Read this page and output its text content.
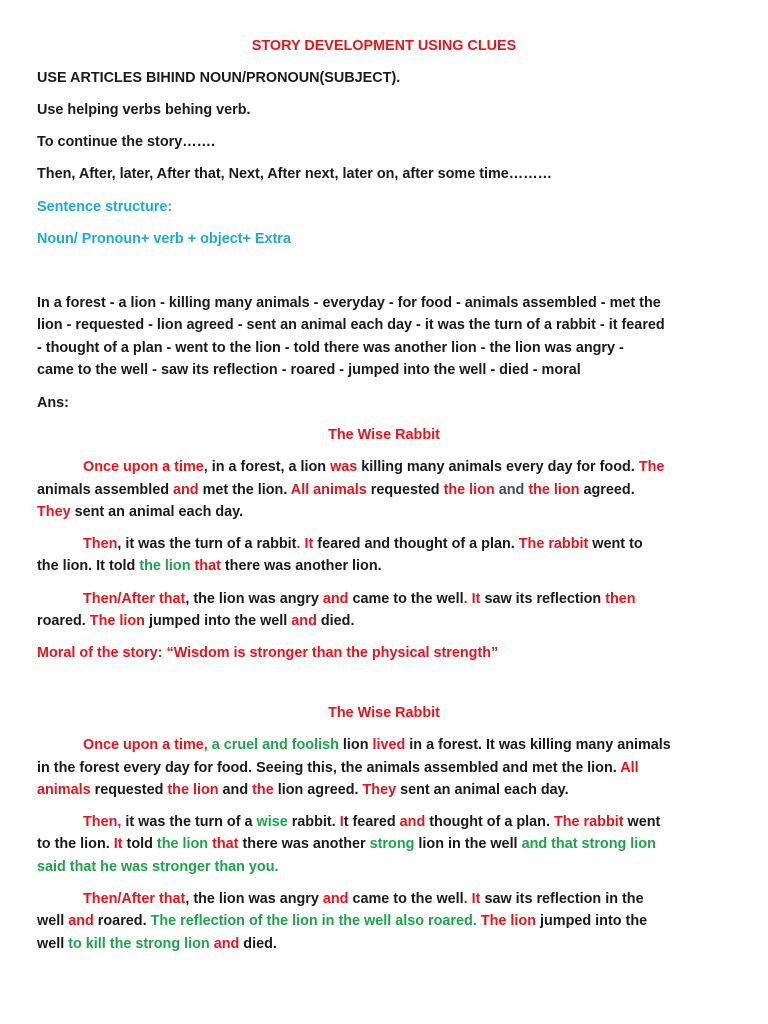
STORY DEVELOPMENT USING CLUES
USE ARTICLES BIHIND NOUN/PRONOUN(SUBJECT).
Use helping verbs behing verb.
To continue the story…….
Then, After, later, After that, Next, After next, later on, after some time………
Sentence structure:
Noun/ Pronoun+ verb + object+ Extra
In a forest - a lion - killing many animals - everyday - for food - animals assembled - met the
lion - requested - lion agreed - sent an animal each day - it was the turn of a rabbit - it feared
- thought of a plan - went to the lion - told there was another lion - the lion was angry -
came to the well - saw its reflection - roared - jumped into the well - died - moral
Ans:
The Wise Rabbit
Once upon a time, in a forest, a lion was killing many animals every day for food. The
animals assembled and met the lion. All animals requested the lion and the lion agreed.
They sent an animal each day.
Then, it was the turn of a rabbit. It feared and thought of a plan. The rabbit went to
the lion. It told the lion that there was another lion.
Then/After that, the lion was angry and came to the well. It saw its reflection then
roared. The lion jumped into the well and died.
Moral of the story: “Wisdom is stronger than the physical strength”
The Wise Rabbit
Once upon a time, a cruel and foolish lion lived in a forest. It was killing many animals
in the forest every day for food. Seeing this, the animals assembled and met the lion. All
animals requested the lion and the lion agreed. They sent an animal each day.
Then, it was the turn of a wise rabbit. It feared and thought of a plan. The rabbit went
to the lion. It told the lion that there was another strong lion in the well and that strong lion
said that he was stronger than you.
Then/After that, the lion was angry and came to the well. It saw its reflection in the
well and roared. The reflection of the lion in the well also roared. The lion jumped into the
well to kill the strong lion and died.
